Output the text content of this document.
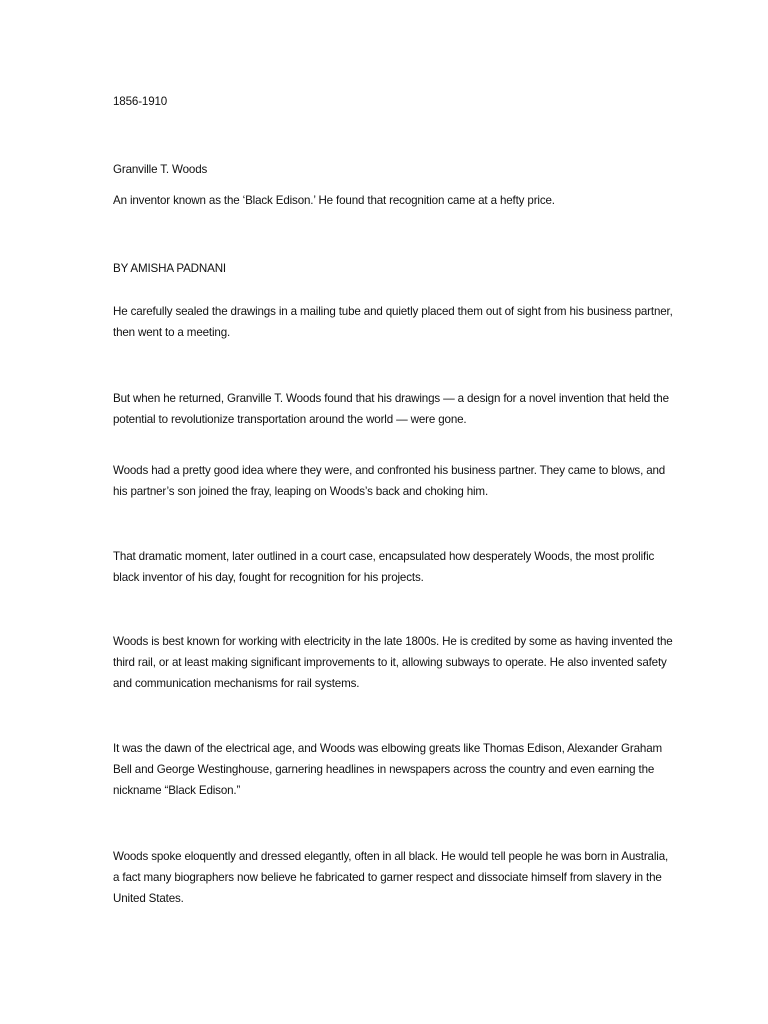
1856-1910

Granville T. Woods

An inventor known as the ‘Black Edison.’ He found that recognition came at a hefty price.

BY AMISHA PADNANI

He carefully sealed the drawings in a mailing tube and quietly placed them out of sight from his business partner, then went to a meeting.

But when he returned, Granville T. Woods found that his drawings — a design for a novel invention that held the potential to revolutionize transportation around the world — were gone.

Woods had a pretty good idea where they were, and confronted his business partner. They came to blows, and his partner’s son joined the fray, leaping on Woods’s back and choking him.

That dramatic moment, later outlined in a court case, encapsulated how desperately Woods, the most prolific black inventor of his day, fought for recognition for his projects.

Woods is best known for working with electricity in the late 1800s. He is credited by some as having invented the third rail, or at least making significant improvements to it, allowing subways to operate. He also invented safety and communication mechanisms for rail systems.

It was the dawn of the electrical age, and Woods was elbowing greats like Thomas Edison, Alexander Graham Bell and George Westinghouse, garnering headlines in newspapers across the country and even earning the nickname “Black Edison.”

Woods spoke eloquently and dressed elegantly, often in all black. He would tell people he was born in Australia, a fact many biographers now believe he fabricated to garner respect and dissociate himself from slavery in the United States.
